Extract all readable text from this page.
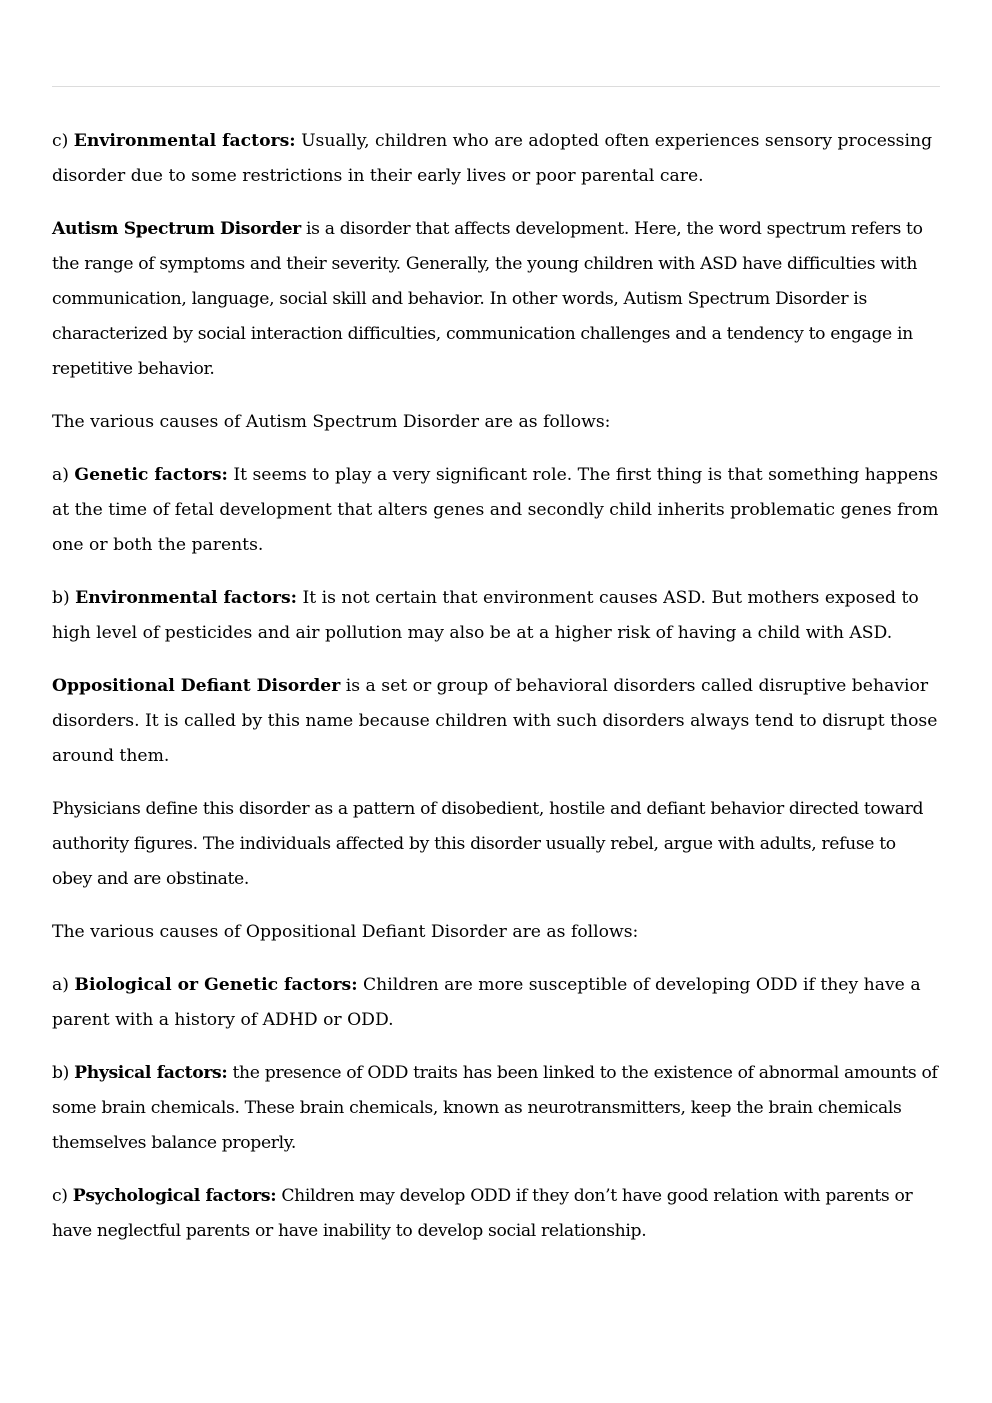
c) Environmental factors: Usually, children who are adopted often experiences sensory processing disorder due to some restrictions in their early lives or poor parental care.

Autism Spectrum Disorder is a disorder that affects development. Here, the word spectrum refers to the range of symptoms and their severity. Generally, the young children with ASD have difficulties with communication, language, social skill and behavior. In other words, Autism Spectrum Disorder is characterized by social interaction difficulties, communication challenges and a tendency to engage in repetitive behavior.

The various causes of Autism Spectrum Disorder are as follows:

a) Genetic factors: It seems to play a very significant role. The first thing is that something happens at the time of fetal development that alters genes and secondly child inherits problematic genes from one or both the parents.

b) Environmental factors: It is not certain that environment causes ASD. But mothers exposed to high level of pesticides and air pollution may also be at a higher risk of having a child with ASD.

Oppositional Defiant Disorder is a set or group of behavioral disorders called disruptive behavior disorders. It is called by this name because children with such disorders always tend to disrupt those around them.

Physicians define this disorder as a pattern of disobedient, hostile and defiant behavior directed toward authority figures. The individuals affected by this disorder usually rebel, argue with adults, refuse to obey and are obstinate.

The various causes of Oppositional Defiant Disorder are as follows:

a) Biological or Genetic factors: Children are more susceptible of developing ODD if they have a parent with a history of ADHD or ODD.

b) Physical factors: the presence of ODD traits has been linked to the existence of abnormal amounts of some brain chemicals. These brain chemicals, known as neurotransmitters, keep the brain chemicals themselves balance properly.

c) Psychological factors: Children may develop ODD if they don’t have good relation with parents or have neglectful parents or have inability to develop social relationship.
